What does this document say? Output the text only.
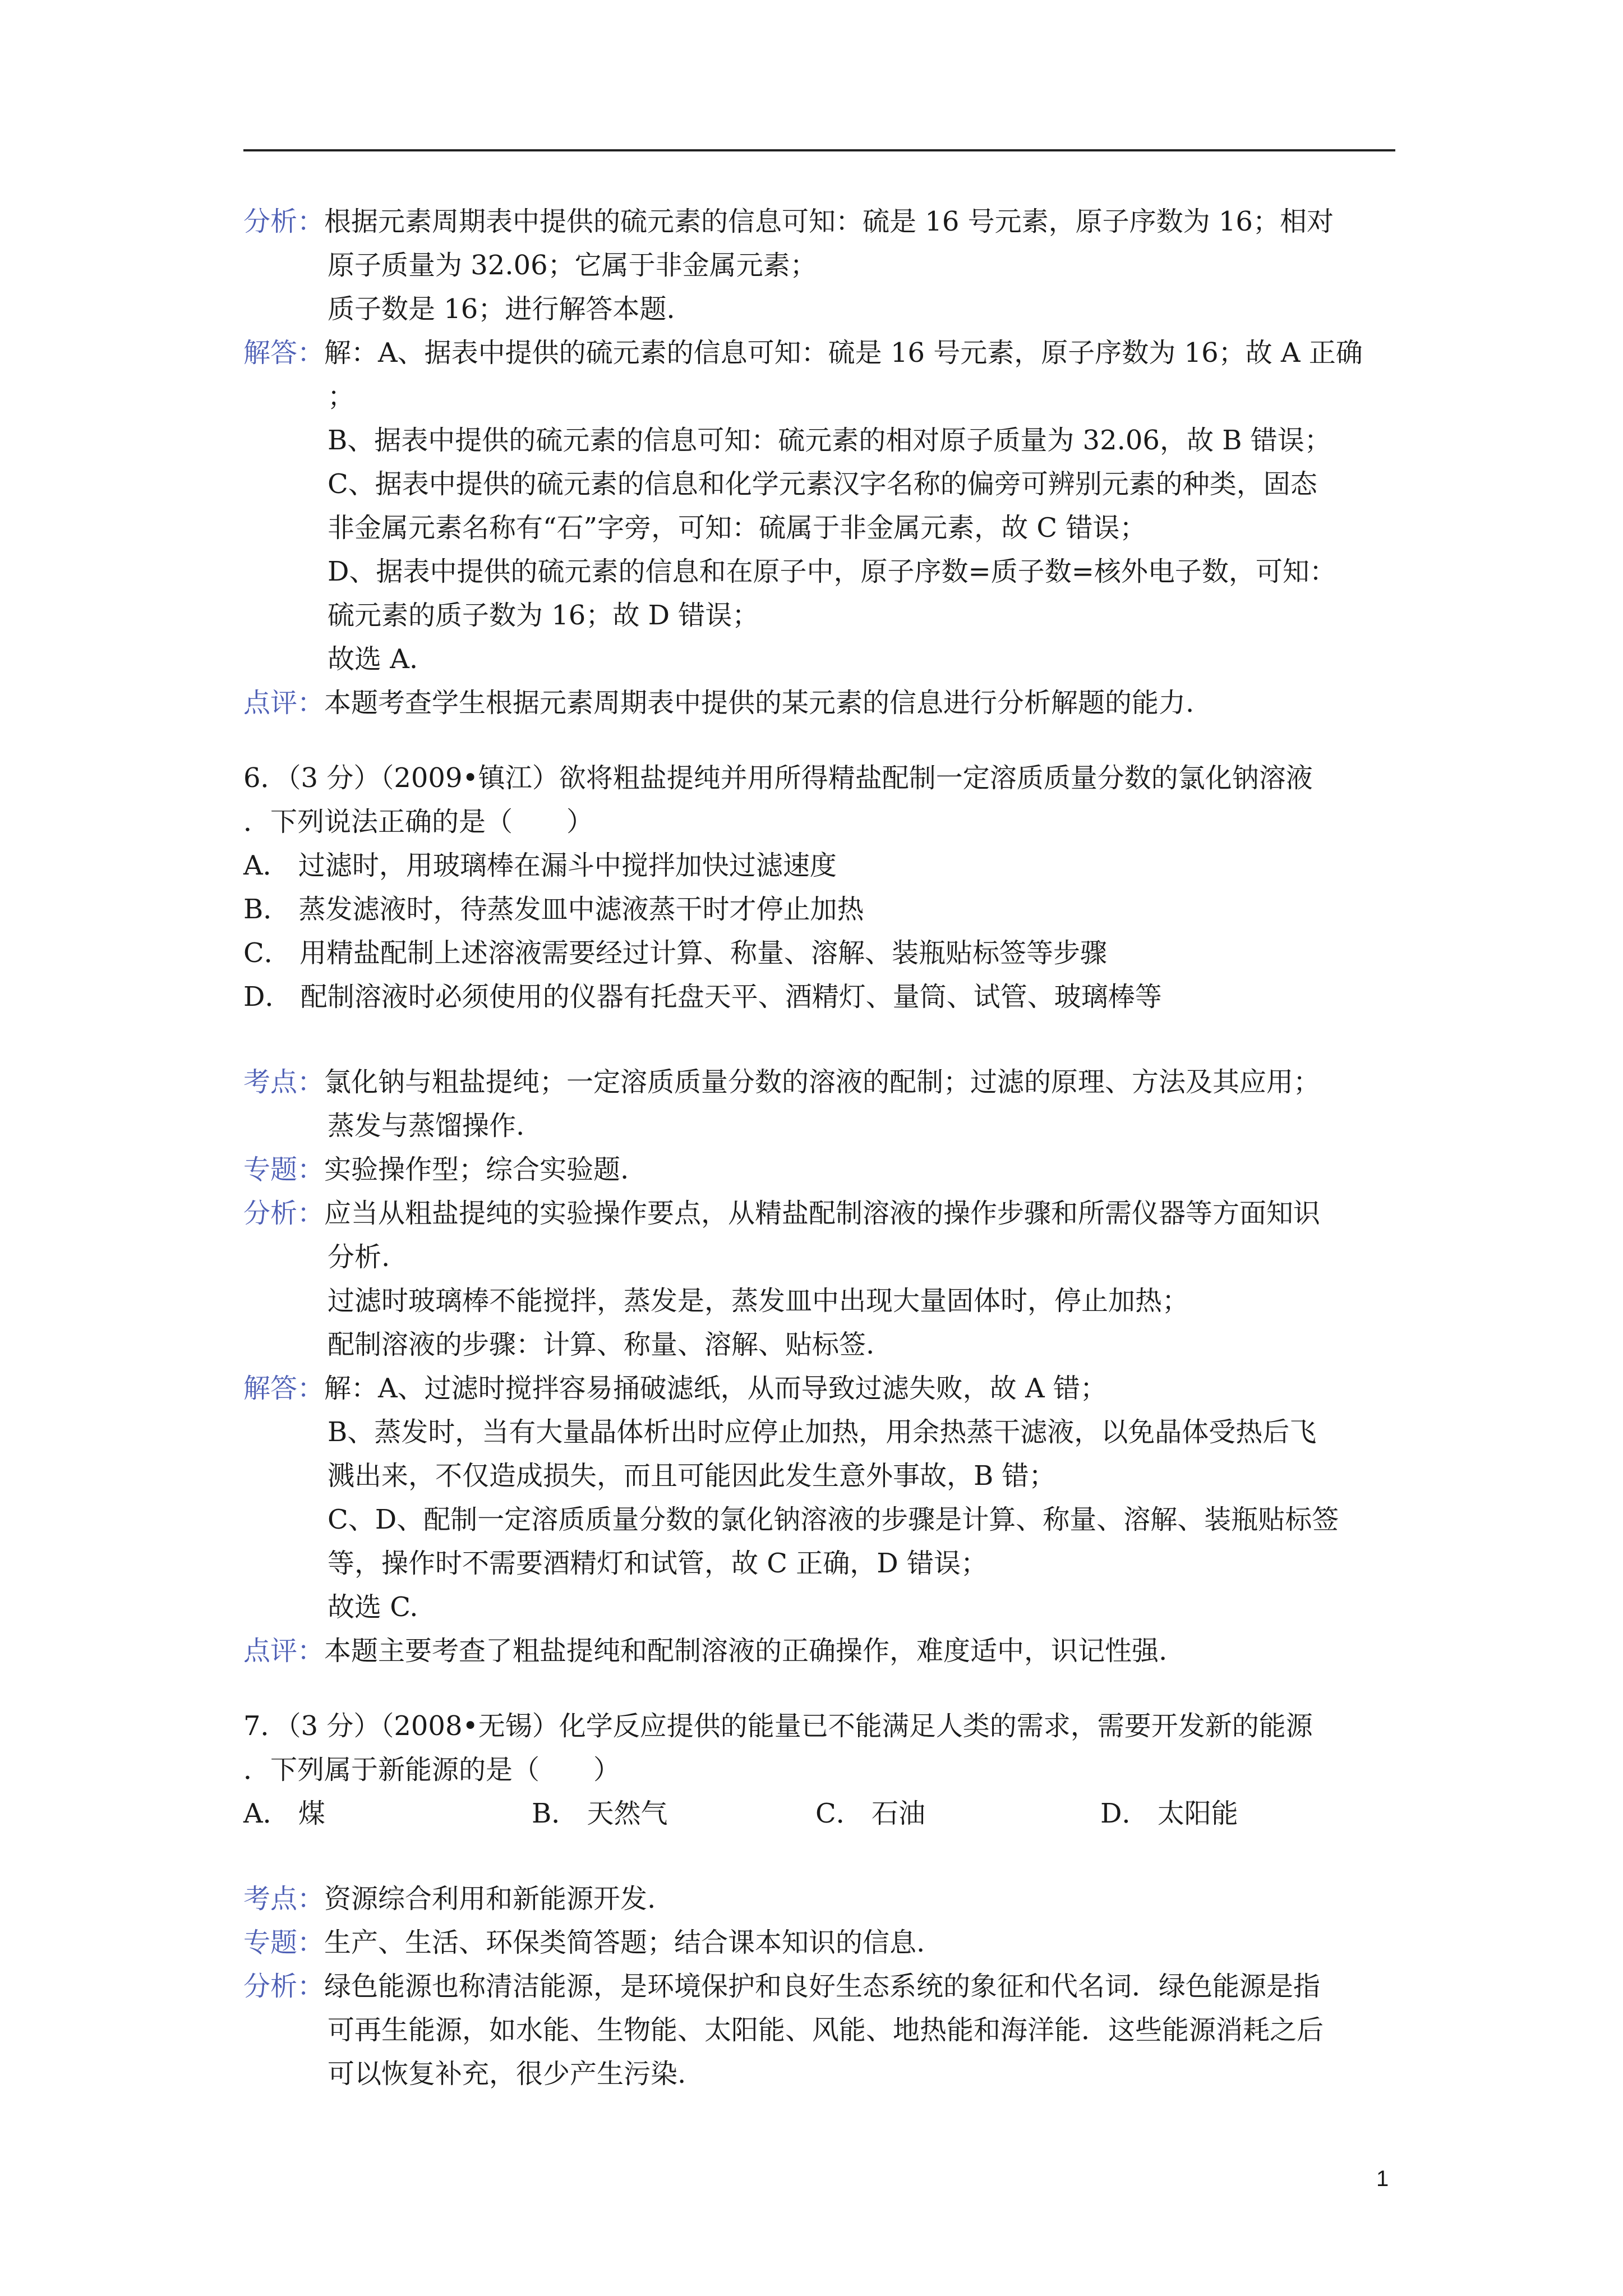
分析：根据元素周期表中提供的硫元素的信息可知：硫是 16 号元素，原子序数为 16；相对
原子质量为 32.06；它属于非金属元素；
质子数是 16；进行解答本题.
解答：解：A、据表中提供的硫元素的信息可知：硫是 16 号元素，原子序数为 16；故 A 正确
；
B、据表中提供的硫元素的信息可知：硫元素的相对原子质量为 32.06，故 B 错误；
C、据表中提供的硫元素的信息和化学元素汉字名称的偏旁可辨别元素的种类，固态
非金属元素名称有“石”字旁，可知：硫属于非金属元素，故 C 错误；
D、据表中提供的硫元素的信息和在原子中，原子序数=质子数=核外电子数，可知：
硫元素的质子数为 16；故 D 错误；
故选 A.
点评：本题考查学生根据元素周期表中提供的某元素的信息进行分析解题的能力.
6．（3 分）（2009•镇江）欲将粗盐提纯并用所得精盐配制一定溶质质量分数的氯化钠溶液
．下列说法正确的是（　　）
A． 过滤时，用玻璃棒在漏斗中搅拌加快过滤速度
B． 蒸发滤液时，待蒸发皿中滤液蒸干时才停止加热
C． 用精盐配制上述溶液需要经过计算、称量、溶解、装瓶贴标签等步骤
D． 配制溶液时必须使用的仪器有托盘天平、酒精灯、量筒、试管、玻璃棒等
考点：氯化钠与粗盐提纯；一定溶质质量分数的溶液的配制；过滤的原理、方法及其应用；
蒸发与蒸馏操作.
专题：实验操作型；综合实验题.
分析：应当从粗盐提纯的实验操作要点，从精盐配制溶液的操作步骤和所需仪器等方面知识
分析.
过滤时玻璃棒不能搅拌，蒸发是，蒸发皿中出现大量固体时，停止加热；
配制溶液的步骤：计算、称量、溶解、贴标签.
解答：解：A、过滤时搅拌容易捅破滤纸，从而导致过滤失败，故 A 错；
B、蒸发时，当有大量晶体析出时应停止加热，用余热蒸干滤液，以免晶体受热后飞
溅出来，不仅造成损失，而且可能因此发生意外事故，B 错；
C、D、配制一定溶质质量分数的氯化钠溶液的步骤是计算、称量、溶解、装瓶贴标签
等，操作时不需要酒精灯和试管，故 C 正确，D 错误；
故选 C.
点评：本题主要考查了粗盐提纯和配制溶液的正确操作，难度适中，识记性强.
7．（3 分）（2008•无锡）化学反应提供的能量已不能满足人类的需求，需要开发新的能源
．下列属于新能源的是（　　）
A． 煤	B． 天然气	C． 石油	D． 太阳能
考点：资源综合利用和新能源开发.
专题：生产、生活、环保类简答题；结合课本知识的信息.
分析：绿色能源也称清洁能源，是环境保护和良好生态系统的象征和代名词．绿色能源是指
可再生能源，如水能、生物能、太阳能、风能、地热能和海洋能．这些能源消耗之后
可以恢复补充，很少产生污染.
1
